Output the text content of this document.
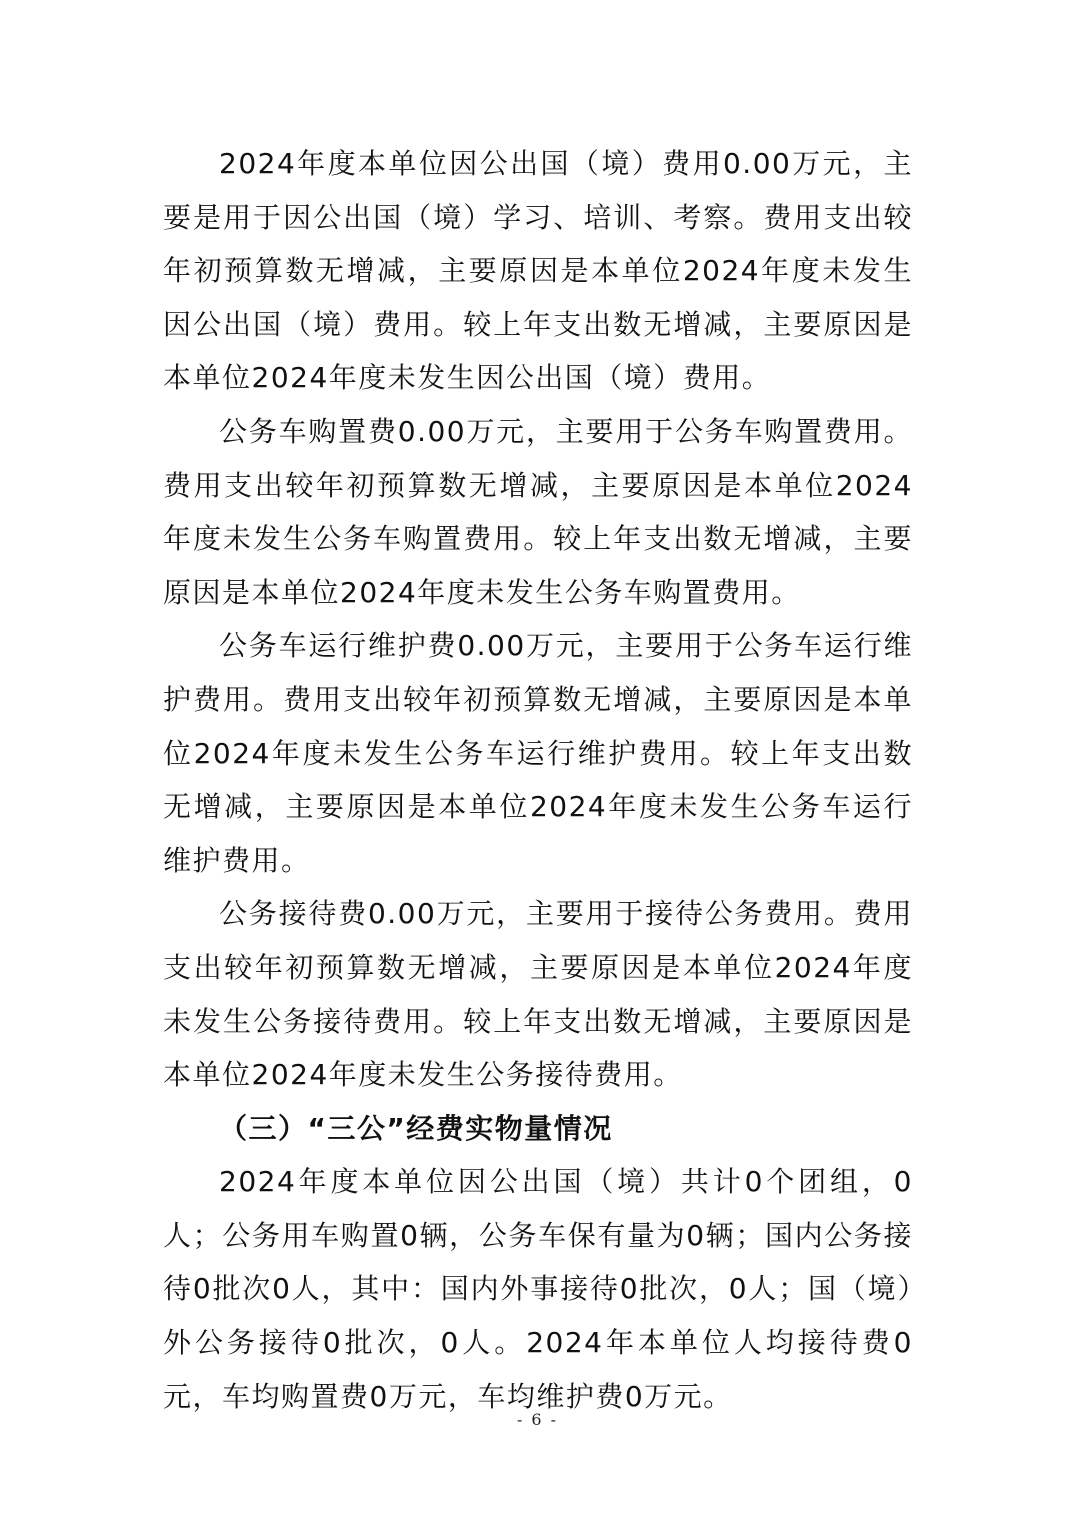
2024年度本单位因公出国（境）费用0.00万元，主要是用于因公出国（境）学习、培训、考察。费用支出较年初预算数无增减，主要原因是本单位2024年度未发生因公出国（境）费用。较上年支出数无增减，主要原因是本单位2024年度未发生因公出国（境）费用。

公务车购置费0.00万元，主要用于公务车购置费用。费用支出较年初预算数无增减，主要原因是本单位2024年度未发生公务车购置费用。较上年支出数无增减，主要原因是本单位2024年度未发生公务车购置费用。

公务车运行维护费0.00万元，主要用于公务车运行维护费用。费用支出较年初预算数无增减，主要原因是本单位2024年度未发生公务车运行维护费用。较上年支出数无增减，主要原因是本单位2024年度未发生公务车运行维护费用。

公务接待费0.00万元，主要用于接待公务费用。费用支出较年初预算数无增减，主要原因是本单位2024年度未发生公务接待费用。较上年支出数无增减，主要原因是本单位2024年度未发生公务接待费用。

（三）“三公”经费实物量情况

2024年度本单位因公出国（境）共计0个团组，0人；公务用车购置0辆，公务车保有量为0辆；国内公务接待0批次0人，其中：国内外事接待0批次，0人；国（境）外公务接待0批次，0人。2024年本单位人均接待费0元，车均购置费0万元，车均维护费0万元。

- 6 -
